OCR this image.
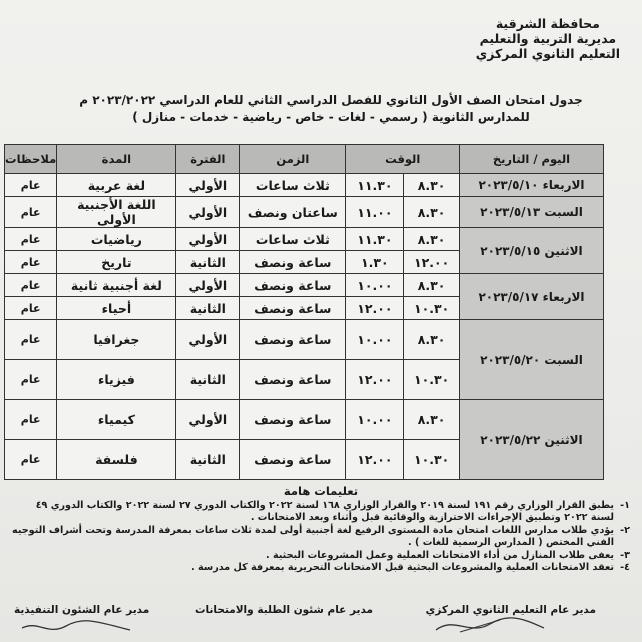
محافظة الشرقية
مديرية التربية والتعليم
التعليم الثانوي المركزي
جدول امتحان الصف الأول الثانوي للفصل الدراسي الثاني للعام الدراسي ٢٠٢٣/٢٠٢٢ م
للمدارس الثانوية ( رسمي - لغات - خاص - رياضية - خدمات - منازل )
اليوم / التاريخ	الوقت		الزمن	الفترة	المدة	ملاحظات
الاربعاء ٢٠٢٣/٥/١٠	٨.٣٠	١١.٣٠	ثلاث ساعات	الأولي	لغة عربية	عام
السبت ٢٠٢٣/٥/١٣	٨.٣٠	١١.٠٠	ساعتان ونصف	الأولي	اللغة الأجنبية الأولى	عام
الاثنين ٢٠٢٣/٥/١٥	٨.٣٠	١١.٣٠	ثلاث ساعات	الأولي	رياضيات	عام
	١٢.٠٠	١.٣٠	ساعة ونصف	الثانية	تاريخ	عام
الاربعاء ٢٠٢٣/٥/١٧	٨.٣٠	١٠.٠٠	ساعة ونصف	الأولي	لغة أجنبية ثانية	عام
	١٠.٣٠	١٢.٠٠	ساعة ونصف	الثانية	أحياء	عام
السبت ٢٠٢٣/٥/٢٠	٨.٣٠	١٠.٠٠	ساعة ونصف	الأولي	جغرافيا	عام
	١٠.٣٠	١٢.٠٠	ساعة ونصف	الثانية	فيزياء	عام
الاثنين ٢٠٢٣/٥/٢٢	٨.٣٠	١٠.٠٠	ساعة ونصف	الأولي	كيمياء	عام
	١٠.٣٠	١٢.٠٠	ساعة ونصف	الثانية	فلسفة	عام
تعليمات هامة
١-
يطبق القرار الوزاري رقم ١٩١ لسنة ٢٠١٩ والقرار الوزاري ١٦٨ لسنة ٢٠٢٢ والكتاب الدوري ٢٧ لسنة ٢٠٢٢ والكتاب الدوري ٤٩ لسنة ٢٠٢٢ وتطبيق الإجراءات الاحترازية والوقائية قبل وأثناء وبعد الامتحانات .
٢-
يؤدي طلاب مدارس اللغات امتحان مادة المستوى الرفيع لغة أجنبية أولى لمدة ثلاث ساعات بمعرفة المدرسة وتحت أشراف التوجيه الفني المختص ( المدارس الرسمية للغات ) .
٣-
يعفى طلاب المنازل من أداء الامتحانات العملية وعمل المشروعات البحثية .
٤-
تعقد الامتحانات العملية والمشروعات البحثية قبل الامتحانات التحريرية بمعرفة كل مدرسة .
مدير عام التعليم الثانوي المركزي
مدير عام شئون الطلبة والامتحانات
مدير عام الشئون التنفيذية
